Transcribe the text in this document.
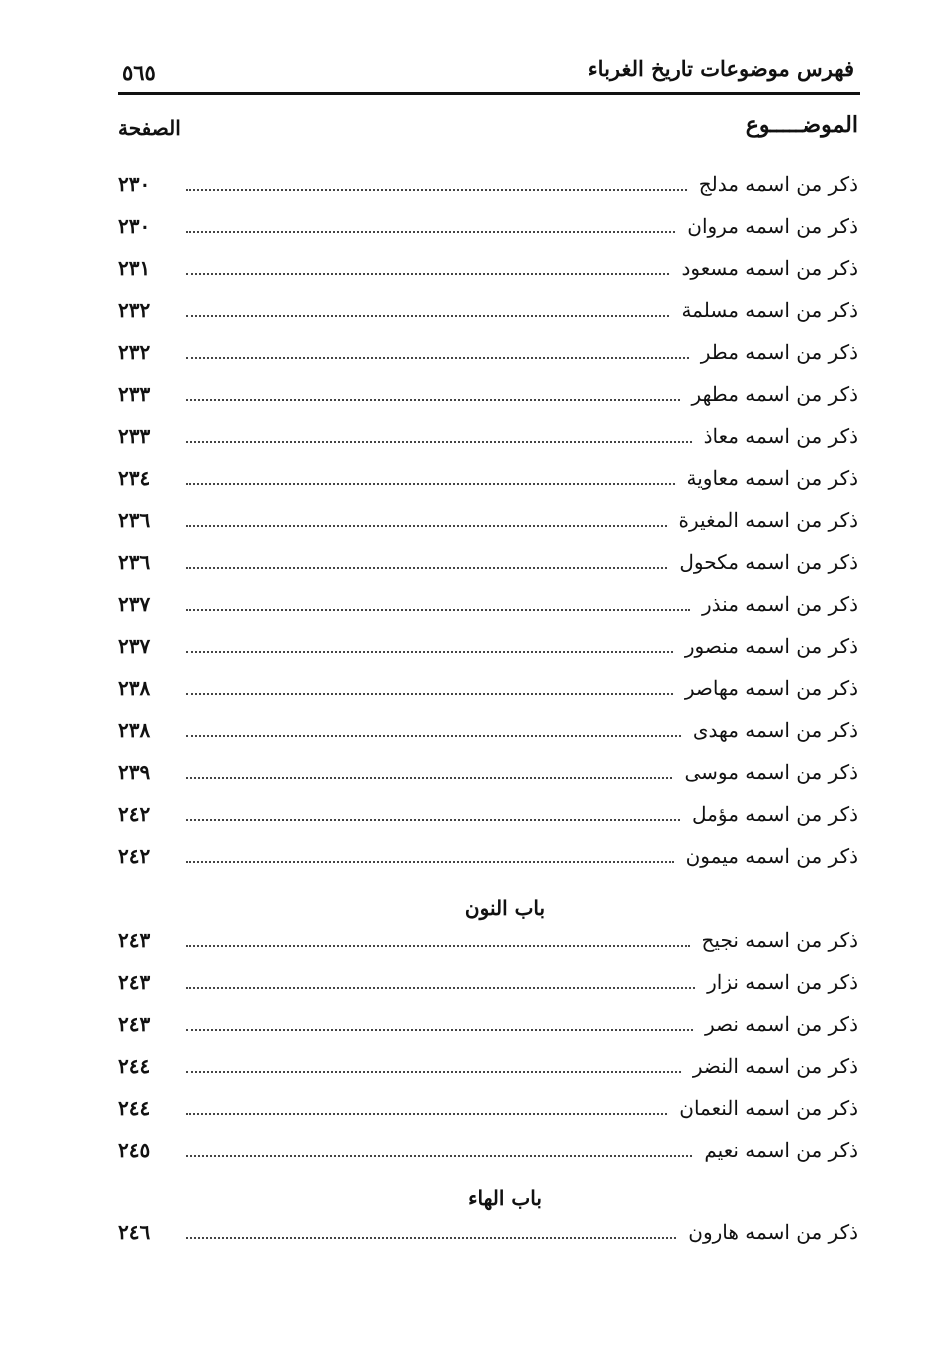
فهرس موضوعات تاريخ الغرباء
٥٦٥
الموضـــــوع
الصفحة
ذكر من اسمه مدلج
٢٣٠
ذكر من اسمه مروان
٢٣٠
ذكر من اسمه مسعود
٢٣١
ذكر من اسمه مسلمة
٢٣٢
ذكر من اسمه مطر
٢٣٢
ذكر من اسمه مطهر
٢٣٣
ذكر من اسمه معاذ
٢٣٣
ذكر من اسمه معاوية
٢٣٤
ذكر من اسمه المغيرة
٢٣٦
ذكر من اسمه مكحول
٢٣٦
ذكر من اسمه منذر
٢٣٧
ذكر من اسمه منصور
٢٣٧
ذكر من اسمه مهاصر
٢٣٨
ذكر من اسمه مهدى
٢٣٨
ذكر من اسمه موسى
٢٣٩
ذكر من اسمه مؤمل
٢٤٢
ذكر من اسمه ميمون
٢٤٢
باب النون
ذكر من اسمه نجيح
٢٤٣
ذكر من اسمه نزار
٢٤٣
ذكر من اسمه نصر
٢٤٣
ذكر من اسمه النضر
٢٤٤
ذكر من اسمه النعمان
٢٤٤
ذكر من اسمه نعيم
٢٤٥
باب الهاء
ذكر من اسمه هارون
٢٤٦
